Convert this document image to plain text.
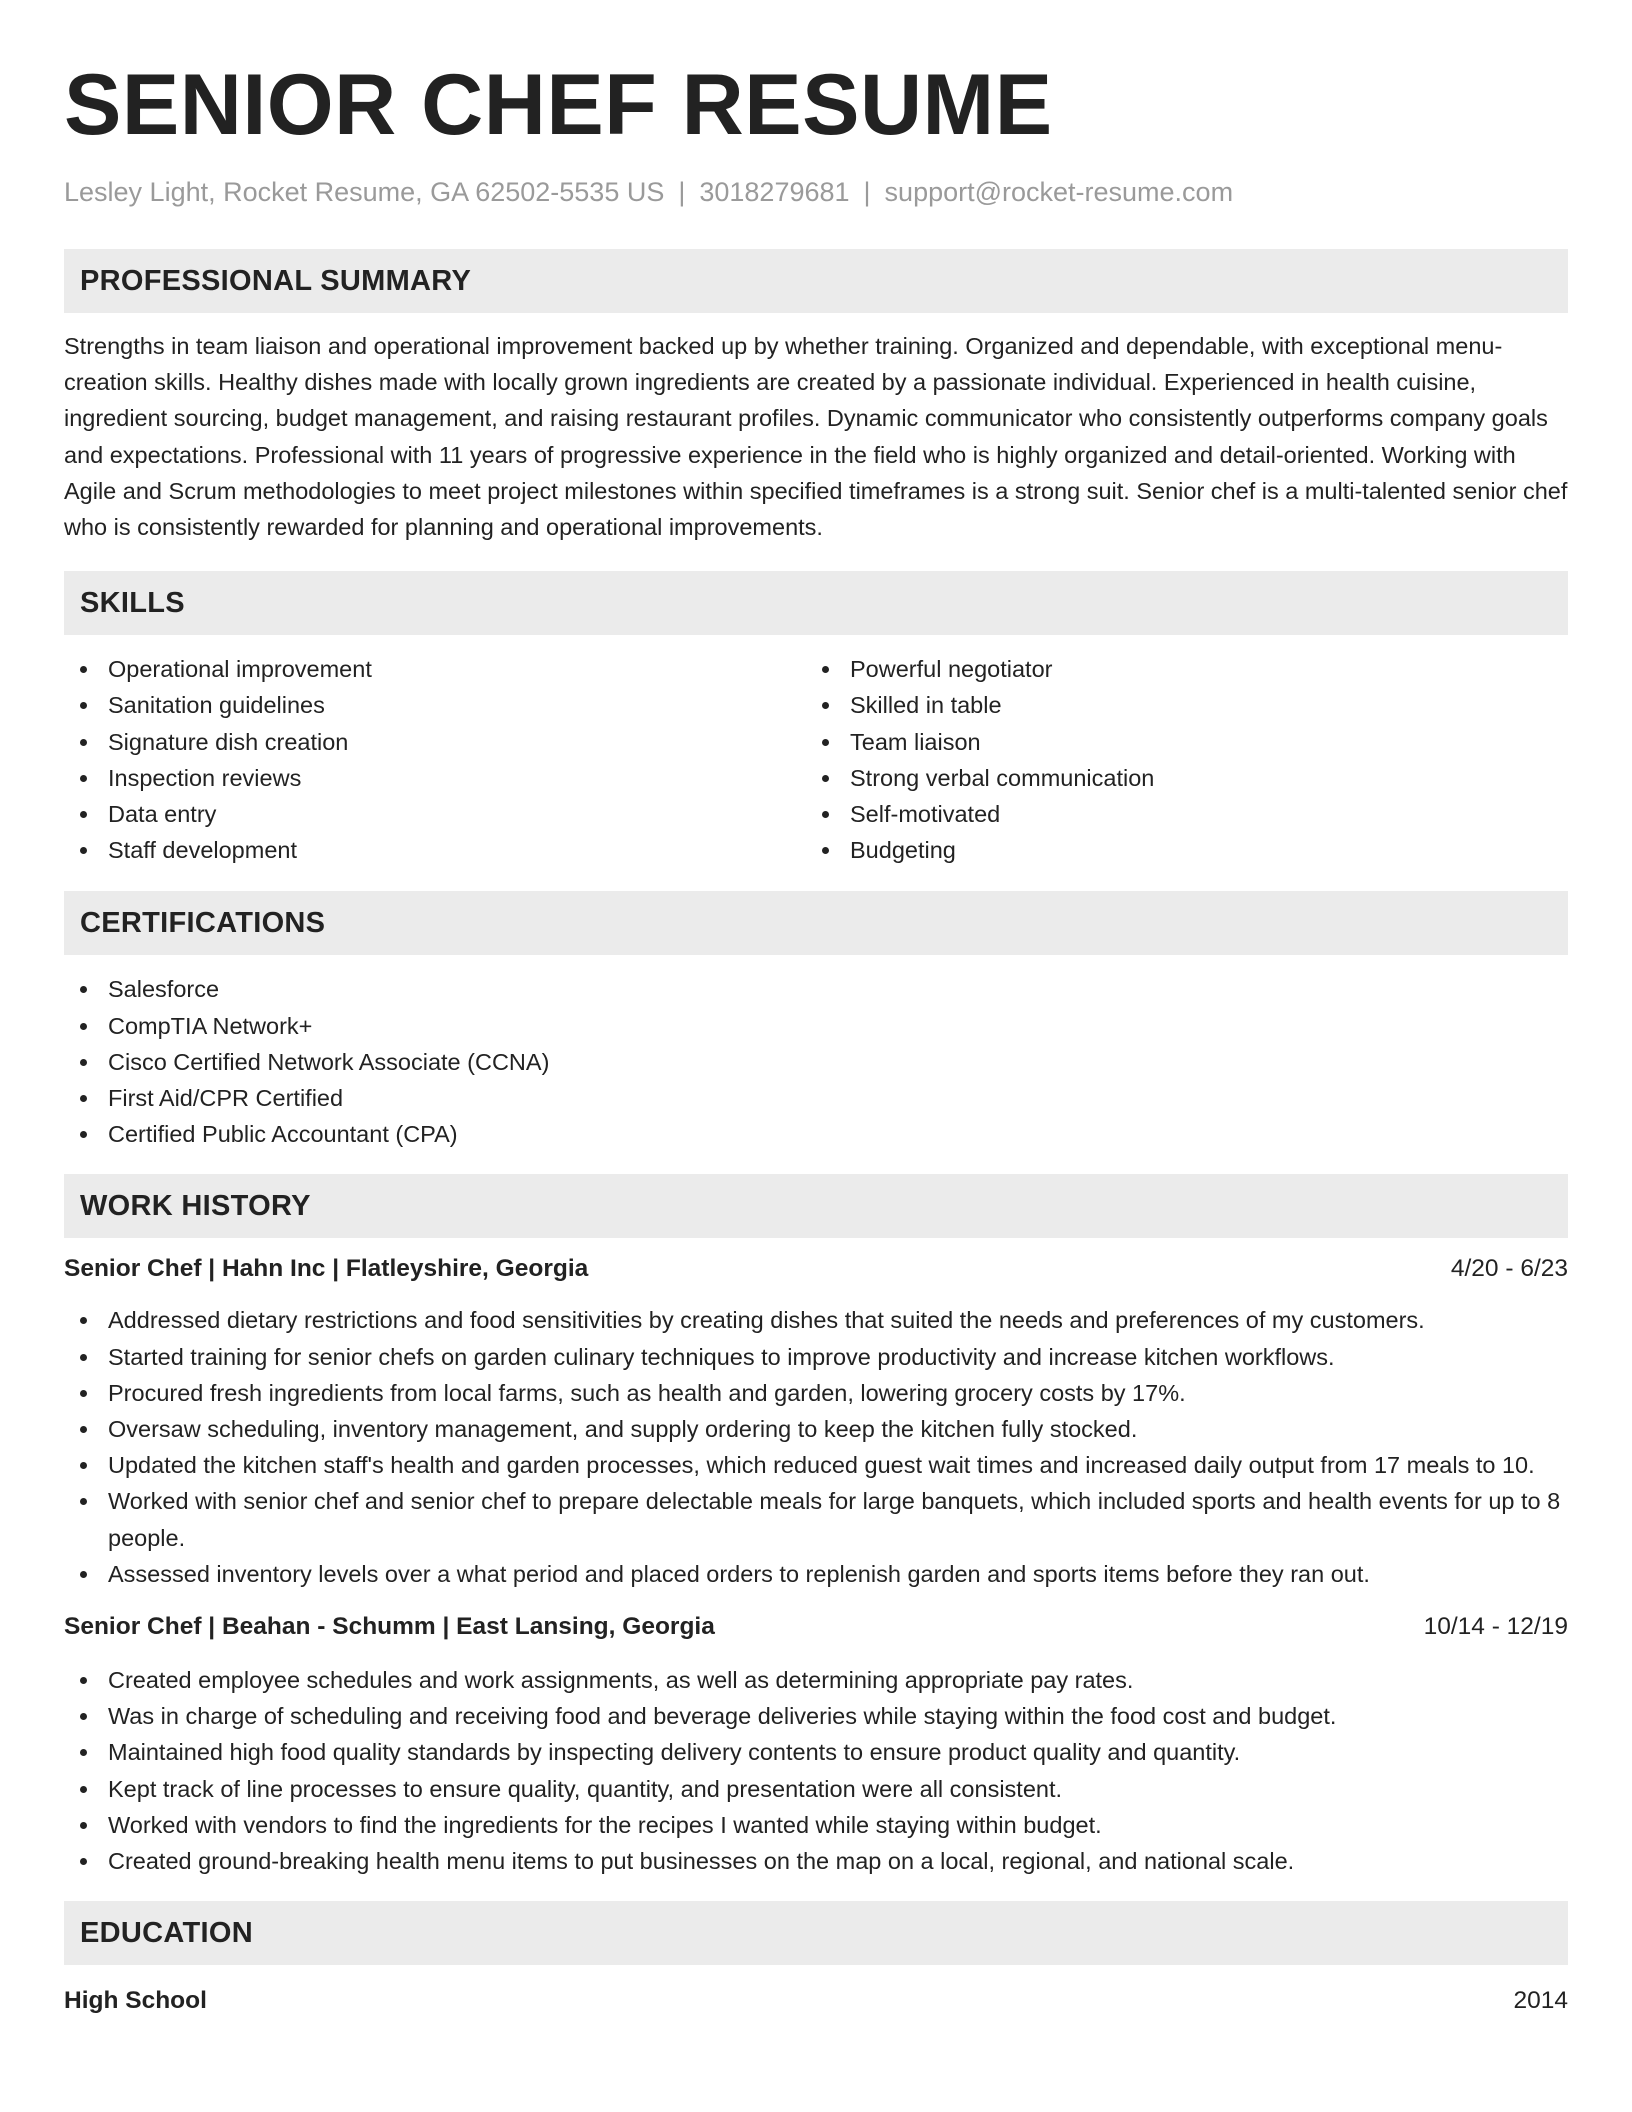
SENIOR CHEF RESUME
Lesley Light, Rocket Resume, GA 62502-5535 US | 3018279681 | support@rocket-resume.com
PROFESSIONAL SUMMARY

Strengths in team liaison and operational improvement backed up by whether training. Organized and dependable, with exceptional menu-creation skills. Healthy dishes made with locally grown ingredients are created by a passionate individual. Experienced in health cuisine, ingredient sourcing, budget management, and raising restaurant profiles. Dynamic communicator who consistently outperforms company goals and expectations. Professional with 11 years of progressive experience in the field who is highly organized and detail-oriented. Working with Agile and Scrum methodologies to meet project milestones within specified timeframes is a strong suit. Senior chef is a multi-talented senior chef who is consistently rewarded for planning and operational improvements.

SKILLS
Operational improvement
Sanitation guidelines
Signature dish creation
Inspection reviews
Data entry
Staff development
Powerful negotiator
Skilled in table
Team liaison
Strong verbal communication
Self-motivated
Budgeting
CERTIFICATIONS
Salesforce
CompTIA Network+
Cisco Certified Network Associate (CCNA)
First Aid/CPR Certified
Certified Public Accountant (CPA)
WORK HISTORY
Senior Chef | Hahn Inc | Flatleyshire, Georgia	4/20 - 6/23
Addressed dietary restrictions and food sensitivities by creating dishes that suited the needs and preferences of my customers.
Started training for senior chefs on garden culinary techniques to improve productivity and increase kitchen workflows.
Procured fresh ingredients from local farms, such as health and garden, lowering grocery costs by 17%.
Oversaw scheduling, inventory management, and supply ordering to keep the kitchen fully stocked.
Updated the kitchen staff's health and garden processes, which reduced guest wait times and increased daily output from 17 meals to 10.
Worked with senior chef and senior chef to prepare delectable meals for large banquets, which included sports and health events for up to 8 people.
Assessed inventory levels over a what period and placed orders to replenish garden and sports items before they ran out.
Senior Chef | Beahan - Schumm | East Lansing, Georgia	10/14 - 12/19
Created employee schedules and work assignments, as well as determining appropriate pay rates.
Was in charge of scheduling and receiving food and beverage deliveries while staying within the food cost and budget.
Maintained high food quality standards by inspecting delivery contents to ensure product quality and quantity.
Kept track of line processes to ensure quality, quantity, and presentation were all consistent.
Worked with vendors to find the ingredients for the recipes I wanted while staying within budget.
Created ground-breaking health menu items to put businesses on the map on a local, regional, and national scale.
EDUCATION
High School	2014
